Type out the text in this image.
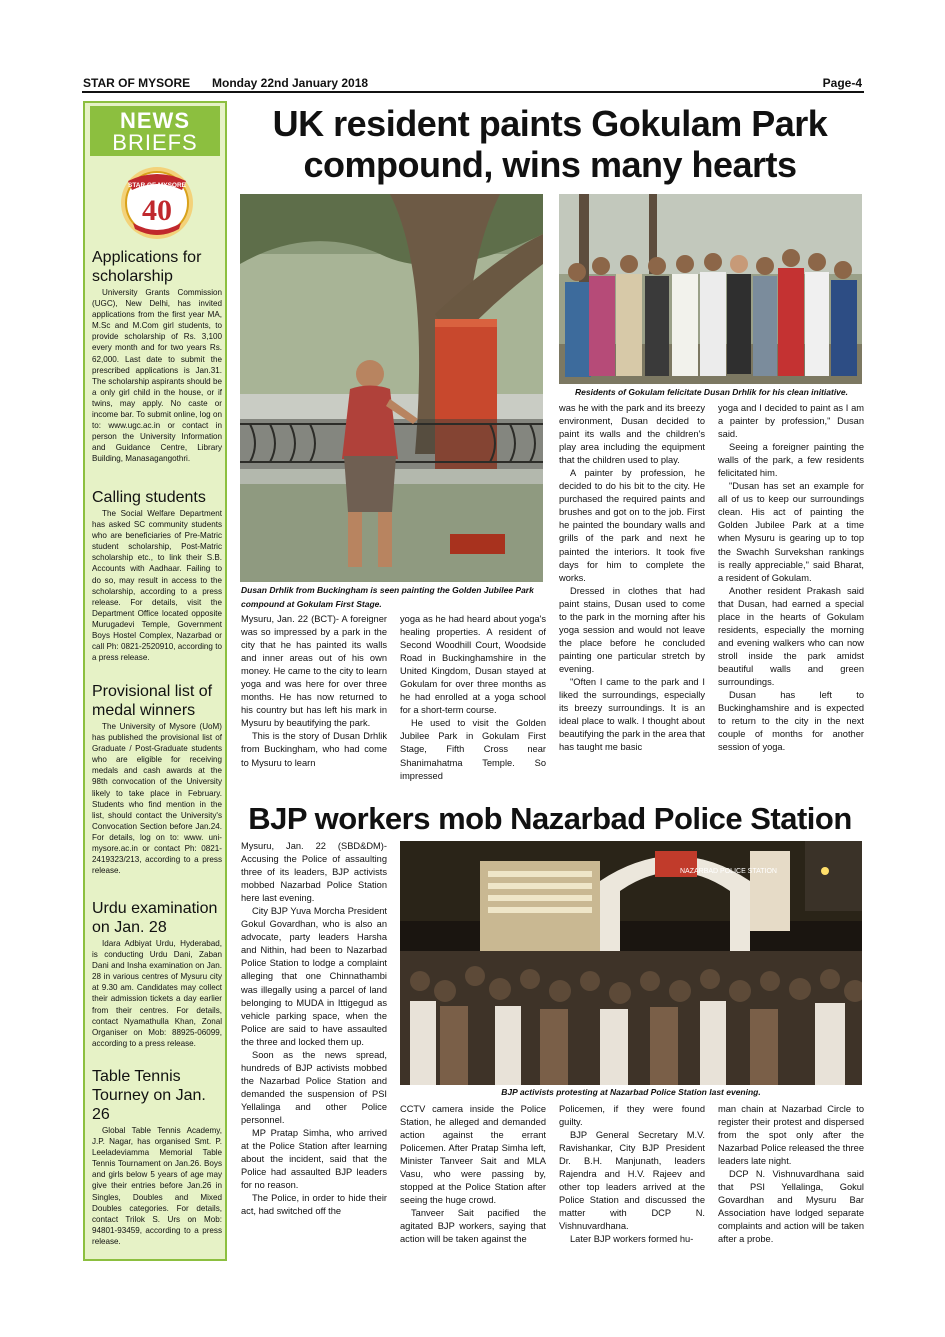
STAR OF MYSORE Monday 22nd January 2018	Page-4
NEWS
BRIEFS
STAR OF MYSORE
40
Applications for scholarship
University Grants Commission (UGC), New Delhi, has invited applications from the first year MA, M.Sc and M.Com girl students, to provide scholarship of Rs. 3,100 every month and for two years Rs. 62,000. Last date to submit the prescribed applications is Jan.31. The scholarship aspirants should be a only girl child in the house, or if twins, may apply. No caste or income bar. To submit online, log on to: www.ugc.ac.in or contact in person the University Information and Guidance Centre, Library Building, Manasagangothri.
Calling students
The Social Welfare Department has asked SC community students who are beneficiaries of Pre-Matric student scholarship, Post-Matric scholarship etc., to link their S.B. Accounts with Aadhaar. Failing to do so, may result in access to the scholarship, according to a press release. For details, visit the Department Office located opposite Murugadevi Temple, Government Boys Hostel Complex, Nazarbad or call Ph: 0821-2520910, according to a press release.
Provisional list of medal winners
The University of Mysore (UoM) has published the provisional list of Graduate / Post-Graduate students who are eligible for receiving medals and cash awards at the 98th convocation of the University likely to take place in February. Students who find mention in the list, should contact the University's Convocation Section before Jan.24. For details, log on to: www. uni-mysore.ac.in or contact Ph: 0821-2419323/213, according to a press release.
Urdu examination on Jan. 28
Idara Adbiyat Urdu, Hyderabad, is conducting Urdu Dani, Zaban Dani and Insha examination on Jan. 28 in various centres of Mysuru city at 9.30 am. Candidates may collect their admission tickets a day earlier from their centres. For details, contact Nyamathulla Khan, Zonal Organiser on Mob: 88925-06099, according to a press release.
Table Tennis Tourney on Jan. 26
Global Table Tennis Academy, J.P. Nagar, has organised Smt. P. Leeladeviamma Memorial Table Tennis Tournament on Jan.26. Boys and girls below 5 years of age may give their entries before Jan.26 in Singles, Doubles and Mixed Doubles categories. For details, contact Trilok S. Urs on Mob: 94801-93459, according to a press release.
UK resident paints Gokulam Park compound, wins many hearts
Dusan Drhlik from Buckingham is seen painting the Golden Jubilee Park compound at Gokulam First Stage.
Residents of Gokulam felicitate Dusan Drhlik for his clean initiative.

Mysuru, Jan. 22 (BCT)- A foreigner was so impressed by a park in the city that he has painted its walls and inner areas out of his own money. He came to the city to learn yoga and was here for over three months. He has now returned to his country but has left his mark in Mysuru by beautifying the park.

This is the story of Dusan Drhlik from Buckingham, who had come to Mysuru to learn

yoga as he had heard about yoga's healing properties. A resident of Second Woodhill Court, Woodside Road in Buckinghamshire in the United Kingdom, Dusan stayed at Gokulam for over three months as he had enrolled at a yoga school for a short-term course.

He used to visit the Golden Jubilee Park in Gokulam First Stage, Fifth Cross near Shanimahatma Temple. So impressed

was he with the park and its breezy environment, Dusan decided to paint its walls and the children's play area including the equipment that the children used to play.

A painter by profession, he decided to do his bit to the city. He purchased the required paints and brushes and got on to the job. First he painted the boundary walls and grills of the park and next he painted the interiors. It took five days for him to complete the works.

Dressed in clothes that had paint stains, Dusan used to come to the park in the morning after his yoga session and would not leave the place before he concluded painting one particular stretch by evening.

"Often I came to the park and I liked the surroundings, especially its breezy surroundings. It is an ideal place to walk. I thought about beautifying the park in the area that has taught me basic

yoga and I decided to paint as I am a painter by profession," Dusan said.

Seeing a foreigner painting the walls of the park, a few residents felicitated him.

"Dusan has set an example for all of us to keep our surroundings clean. His act of painting the Golden Jubilee Park at a time when Mysuru is gearing up to top the Swachh Survekshan rankings is really appreciable," said Bharat, a resident of Gokulam.

Another resident Prakash said that Dusan, had earned a special place in the hearts of Gokulam residents, especially the morning and evening walkers who can now stroll inside the park amidst beautiful walls and green surroundings.

Dusan has left to Buckinghamshire and is expected to return to the city in the next couple of months for another session of yoga.

BJP workers mob Nazarbad Police Station

Mysuru, Jan. 22 (SBD&DM)- Accusing the Police of assaulting three of its leaders, BJP activists mobbed Nazarbad Police Station here last evening.

City BJP Yuva Morcha President Gokul Govardhan, who is also an advocate, party leaders Harsha and Nithin, had been to Nazarbad Police Station to lodge a complaint alleging that one Chinnathambi was illegally using a parcel of land belonging to MUDA in Ittigegud as vehicle parking space, when the Police are said to have assaulted the three and locked them up.

Soon as the news spread, hundreds of BJP activists mobbed the Nazarbad Police Station and demanded the suspension of PSI Yellalinga and other Police personnel.

MP Pratap Simha, who arrived at the Police Station after learning about the incident, said that the Police had assaulted BJP leaders for no reason.

The Police, in order to hide their act, had switched off the

NAZARBAD POLICE STATION
BJP activists protesting at Nazarbad Police Station last evening.

CCTV camera inside the Police Station, he alleged and demanded action against the errant Policemen. After Pratap Simha left, Minister Tanveer Sait and MLA Vasu, who were passing by, stopped at the Police Station after seeing the huge crowd.

Tanveer Sait pacified the agitated BJP workers, saying that action will be taken against the

Policemen, if they were found guilty.

BJP General Secretary M.V. Ravishankar, City BJP President Dr. B.H. Manjunath, leaders Rajendra and H.V. Rajeev and other top leaders arrived at the Police Station and discussed the matter with DCP N. Vishnuvardhana.

Later BJP workers formed hu-

man chain at Nazarbad Circle to register their protest and dispersed from the spot only after the Nazarbad Police released the three leaders late night.

DCP N. Vishnuvardhana said that PSI Yellalinga, Gokul Govardhan and Mysuru Bar Association have lodged separate complaints and action will be taken after a probe.
